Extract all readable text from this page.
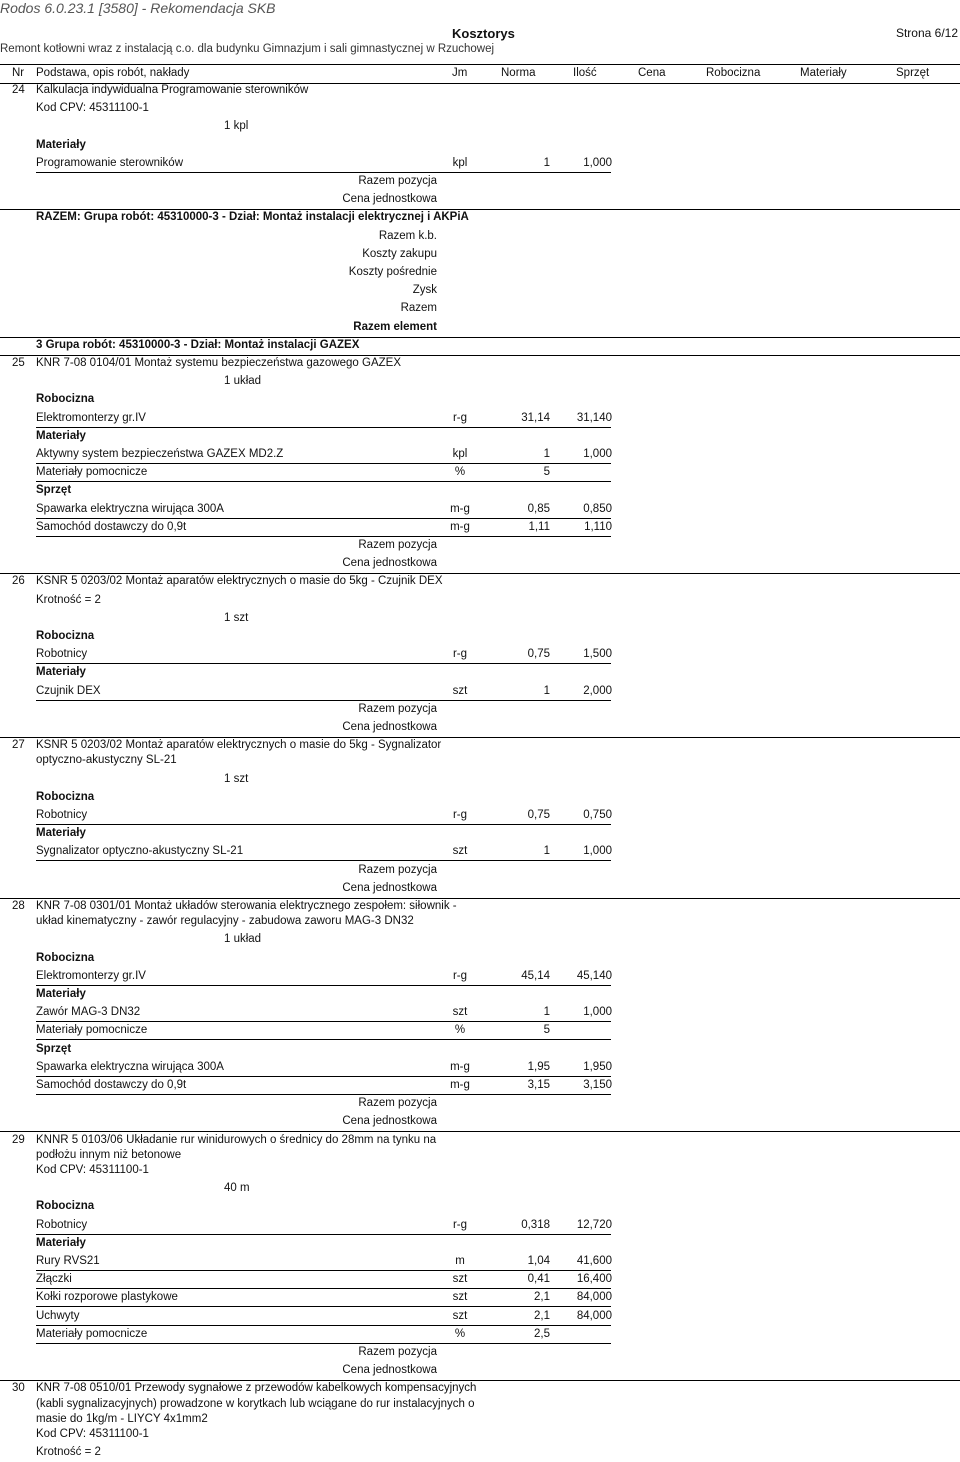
Rodos 6.0.23.1 [3580] - Rekomendacja SKB
Kosztorys	Strona 6/12
Remont kotłowni wraz z instalacją c.o. dla budynku Gimnazjum i sali gimnastycznej w Rzuchowej
Nr Podstawa, opis robót, nakłady	Jm	Norma	Ilość	Cena	Robocizna	Materiały	Sprzęt
24 Kalkulacja indywidualna Programowanie sterowników
Kod CPV: 45311100-1
1 kpl
Materiały
Programowanie sterowników	kpl	1	1,000
Razem pozycja
Cena jednostkowa
RAZEM: Grupa robót: 45310000-3 - Dział: Montaż instalacji elektrycznej i AKPiA
Razem k.b.
Koszty zakupu
Koszty pośrednie
Zysk
Razem
Razem element
3 Grupa robót: 45310000-3 - Dział: Montaż instalacji GAZEX
25 KNR 7-08 0104/01 Montaż systemu bezpieczeństwa gazowego GAZEX
1 układ
Robocizna
Elektromonterzy gr.IV	r-g	31,14	31,140
Materiały
Aktywny system bezpieczeństwa GAZEX MD2.Z	kpl	1	1,000
Materiały pomocnicze	%	5
Sprzęt
Spawarka elektryczna wirująca 300A	m-g	0,85	0,850
Samochód dostawczy do 0,9t	m-g	1,11	1,110
Razem pozycja
Cena jednostkowa
26 KSNR 5 0203/02 Montaż aparatów elektrycznych o masie do 5kg - Czujnik DEX
Krotność = 2
1 szt
Robocizna
Robotnicy	r-g	0,75	1,500
Materiały
Czujnik DEX	szt	1	2,000
Razem pozycja
Cena jednostkowa
27 KSNR 5 0203/02 Montaż aparatów elektrycznych o masie do 5kg - Sygnalizator
optyczno-akustyczny SL-21
1 szt
Robocizna
Robotnicy	r-g	0,75	0,750
Materiały
Sygnalizator optyczno-akustyczny SL-21	szt	1	1,000
Razem pozycja
Cena jednostkowa
28 KNR 7-08 0301/01 Montaż układów sterowania elektrycznego zespołem: siłownik -
układ kinematyczny - zawór regulacyjny - zabudowa zaworu MAG-3 DN32
1 układ
Robocizna
Elektromonterzy gr.IV	r-g	45,14	45,140
Materiały
Zawór MAG-3 DN32	szt	1	1,000
Materiały pomocnicze	%	5
Sprzęt
Spawarka elektryczna wirująca 300A	m-g	1,95	1,950
Samochód dostawczy do 0,9t	m-g	3,15	3,150
Razem pozycja
Cena jednostkowa
29 KNNR 5 0103/06 Układanie rur winidurowych o średnicy do 28mm na tynku na
podłożu innym niż betonowe
Kod CPV: 45311100-1
40 m
Robocizna
Robotnicy	r-g	0,318	12,720
Materiały
Rury RVS21	m	1,04	41,600
Złączki	szt	0,41	16,400
Kołki rozporowe plastykowe	szt	2,1	84,000
Uchwyty	szt	2,1	84,000
Materiały pomocnicze	%	2,5
Razem pozycja
Cena jednostkowa
30 KNR 7-08 0510/01 Przewody sygnałowe z przewodów kabelkowych kompensacyjnych
(kabli sygnalizacyjnych) prowadzone w korytkach lub wciągane do rur instalacyjnych o
masie do 1kg/m - LIYCY 4x1mm2
Kod CPV: 45311100-1
Krotność = 2
